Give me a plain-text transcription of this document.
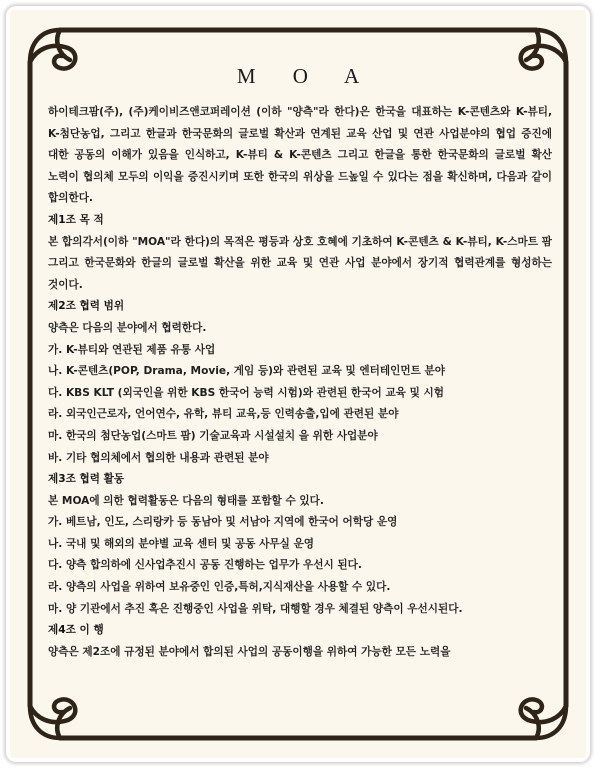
M O A

하이테크팜(주), (주)케이비즈앤코퍼레이션 (이하 "양측"라 한다)은 한국을 대표하는 K-콘텐츠와 K-뷰티, K-첨단농업, 그리고 한글과 한국문화의 글로벌 확산과 연계된 교육 산업 및 연관 사업분야의 협업 증진에 대한 공동의 이해가 있음을 인식하고, K-뷰티 & K-콘텐츠 그리고 한글을 통한 한국문화의 글로벌 확산 노력이 협의체 모두의 이익을 증진시키며 또한 한국의 위상을 드높일 수 있다는 점을 확신하며, 다음과 같이 합의한다.

제1조 목 적

본 합의각서(이하 "MOA"라 한다)의 목적은 평등과 상호 호혜에 기초하여 K-콘텐츠 & K-뷰티, K-스마트 팜 그리고 한국문화와 한글의 글로벌 확산을 위한 교육 및 연관 사업 분야에서 장기적 협력관계를 형성하는 것이다.

제2조 협력 범위

양측은 다음의 분야에서 협력한다.

가. K-뷰티와 연관된 제품 유통 사업

나. K-콘텐츠(POP, Drama, Movie, 게임 등)와 관련된 교육 및 엔터테인먼트 분야

다. KBS KLT (외국인을 위한 KBS 한국어 능력 시험)와 관련된 한국어 교육 및 시험

라. 외국인근로자, 언어연수, 유학, 뷰티 교육,등 인력송출,입에 관련된 분야

마. 한국의 첨단농업(스마트 팜) 기술교육과 시설설치 을 위한 사업분야

바. 기타 협의체에서 협의한 내용과 관련된 분야

제3조 협력 활동

본 MOA에 의한 협력활동은 다음의 형태를 포함할 수 있다.

가. 베트남, 인도, 스리랑카 등 동남아 및 서남아 지역에 한국어 어학당 운영

나. 국내 및 해외의 분야별 교육 센터 및 공동 사무실 운영

다. 양측 합의하에 신사업추진시 공동 진행하는 업무가 우선시 된다.

라. 양측의 사업을 위하여 보유중인 인증,특허,지식재산을 사용할 수 있다.

마. 양 기관에서 추진 혹은 진행중인 사업을 위탁, 대행할 경우 체결된 양측이 우선시된다.

제4조 이 행

양측은 제2조에 규정된 분야에서 합의된 사업의 공동이행을 위하여 가능한 모든 노력을
